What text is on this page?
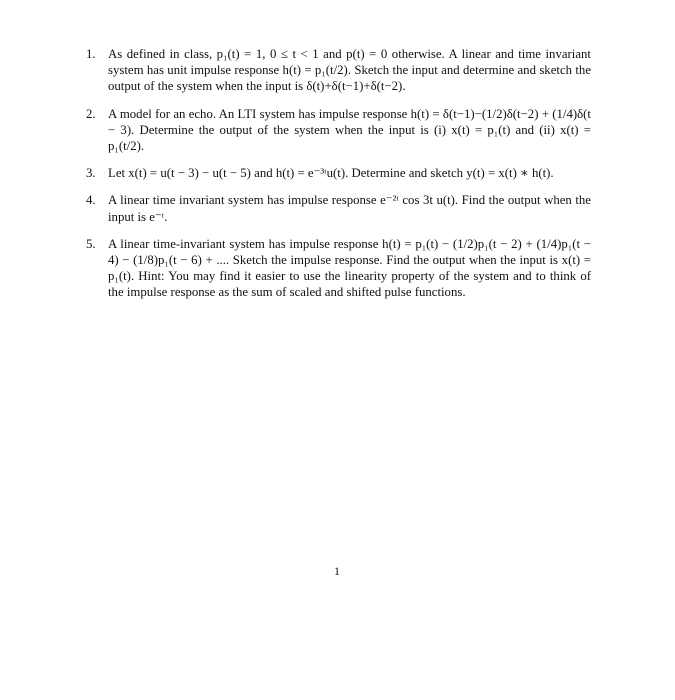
1. As defined in class, p₁(t) = 1, 0 ≤ t < 1 and p(t) = 0 otherwise. A linear and time invariant system has unit impulse response h(t) = p₁(t/2). Sketch the input and determine and sketch the output of the system when the input is δ(t)+δ(t−1)+δ(t−2).
2. A model for an echo. An LTI system has impulse response h(t) = δ(t−1)−(1/2)δ(t−2) + (1/4)δ(t − 3). Determine the output of the system when the input is (i) x(t) = p₁(t) and (ii) x(t) = p₁(t/2).
3. Let x(t) = u(t − 3) − u(t − 5) and h(t) = e⁻³ᵗu(t). Determine and sketch y(t) = x(t) ∗ h(t).
4. A linear time invariant system has impulse response e⁻²ᵗ cos 3t u(t). Find the output when the input is e⁻ᵗ.
5. A linear time-invariant system has impulse response h(t) = p₁(t) − (1/2)p₁(t − 2) + (1/4)p₁(t − 4) − (1/8)p₁(t − 6) + .... Sketch the impulse response. Find the output when the input is x(t) = p₁(t). Hint: You may find it easier to use the linearity property of the system and to think of the impulse response as the sum of scaled and shifted pulse functions.
1
